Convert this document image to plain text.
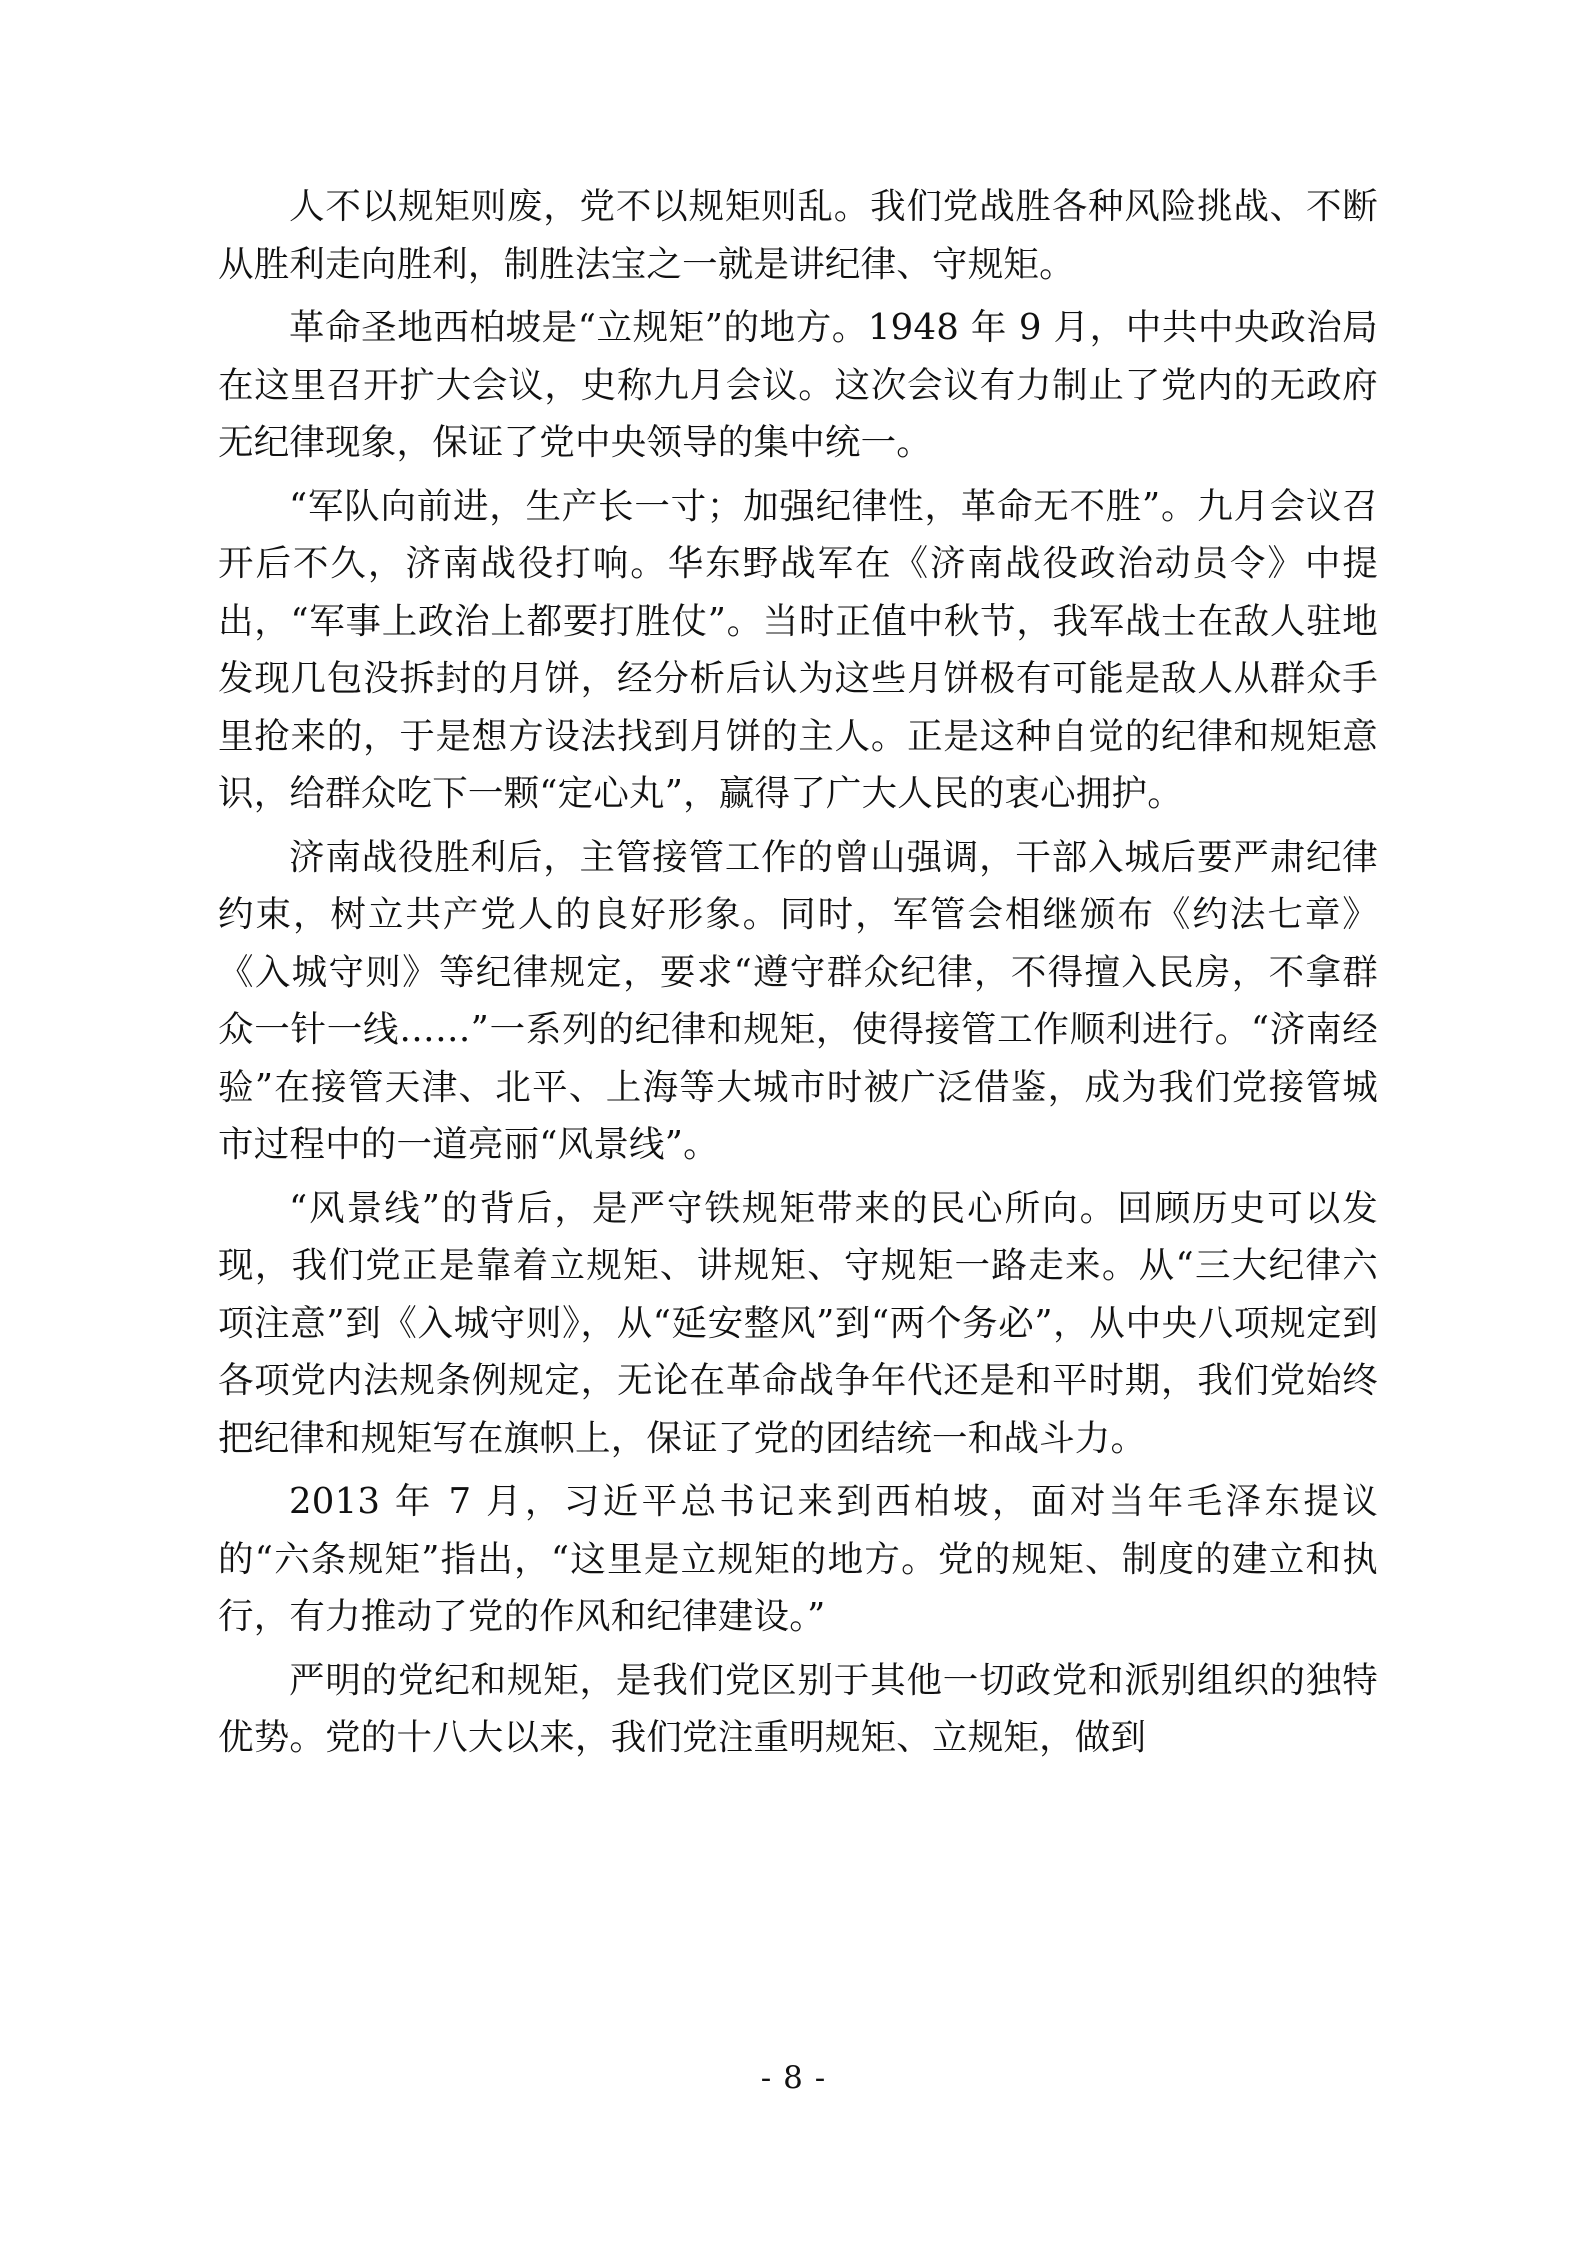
人不以规矩则废，党不以规矩则乱。我们党战胜各种风险挑战、不断从胜利走向胜利，制胜法宝之一就是讲纪律、守规矩。

革命圣地西柏坡是“立规矩”的地方。1948 年 9 月，中共中央政治局在这里召开扩大会议，史称九月会议。这次会议有力制止了党内的无政府无纪律现象，保证了党中央领导的集中统一。

“军队向前进，生产长一寸；加强纪律性，革命无不胜”。九月会议召开后不久，济南战役打响。华东野战军在《济南战役政治动员令》中提出，“军事上政治上都要打胜仗”。当时正值中秋节，我军战士在敌人驻地发现几包没拆封的月饼，经分析后认为这些月饼极有可能是敌人从群众手里抢来的，于是想方设法找到月饼的主人。正是这种自觉的纪律和规矩意识，给群众吃下一颗“定心丸”，赢得了广大人民的衷心拥护。

济南战役胜利后，主管接管工作的曾山强调，干部入城后要严肃纪律约束，树立共产党人的良好形象。同时，军管会相继颁布《约法七章》《入城守则》等纪律规定，要求“遵守群众纪律，不得擅入民房，不拿群众一针一线……”一系列的纪律和规矩，使得接管工作顺利进行。“济南经验”在接管天津、北平、上海等大城市时被广泛借鉴，成为我们党接管城市过程中的一道亮丽“风景线”。

“风景线”的背后，是严守铁规矩带来的民心所向。回顾历史可以发现，我们党正是靠着立规矩、讲规矩、守规矩一路走来。从“三大纪律六项注意”到《入城守则》，从“延安整风”到“两个务必”，从中央八项规定到各项党内法规条例规定，无论在革命战争年代还是和平时期，我们党始终把纪律和规矩写在旗帜上，保证了党的团结统一和战斗力。

2013 年 7 月，习近平总书记来到西柏坡，面对当年毛泽东提议的“六条规矩”指出，“这里是立规矩的地方。党的规矩、制度的建立和执行，有力推动了党的作风和纪律建设。”

严明的党纪和规矩，是我们党区别于其他一切政党和派别组织的独特优势。党的十八大以来，我们党注重明规矩、立规矩，做到

- 8 -
